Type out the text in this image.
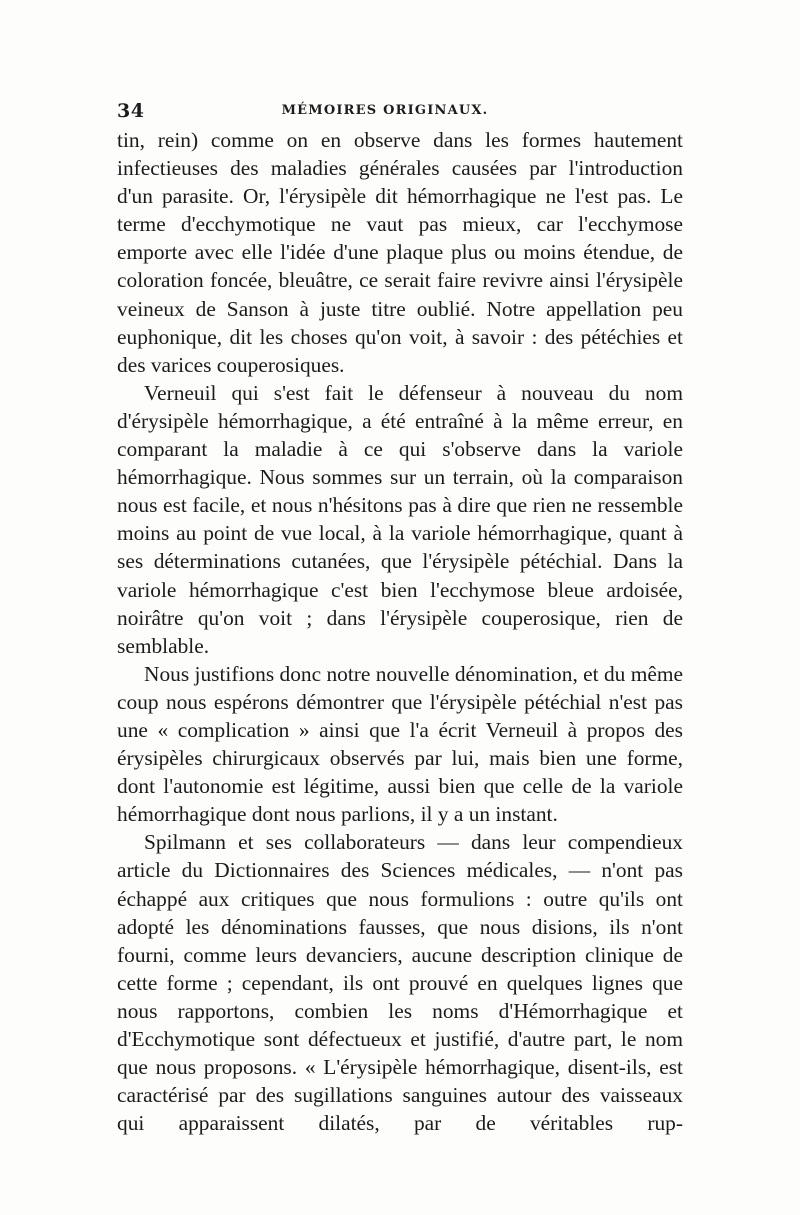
34	MÉMOIRES ORIGINAUX.

tin, rein) comme on en observe dans les formes hautement infectieuses des maladies générales causées par l'introduction d'un parasite. Or, l'érysipèle dit hémorrhagique ne l'est pas. Le terme d'ecchymotique ne vaut pas mieux, car l'ecchymose emporte avec elle l'idée d'une plaque plus ou moins étendue, de coloration foncée, bleuâtre, ce serait faire revivre ainsi l'érysipèle veineux de Sanson à juste titre oublié. Notre appellation peu euphonique, dit les choses qu'on voit, à savoir : des pétéchies et des varices couperosiques.

Verneuil qui s'est fait le défenseur à nouveau du nom d'érysipèle hémorrhagique, a été entraîné à la même erreur, en comparant la maladie à ce qui s'observe dans la variole hémorrhagique. Nous sommes sur un terrain, où la comparaison nous est facile, et nous n'hésitons pas à dire que rien ne ressemble moins au point de vue local, à la variole hémorrhagique, quant à ses déterminations cutanées, que l'érysipèle pétéchial. Dans la variole hémorrhagique c'est bien l'ecchymose bleue ardoisée, noirâtre qu'on voit ; dans l'érysipèle couperosique, rien de semblable.

Nous justifions donc notre nouvelle dénomination, et du même coup nous espérons démontrer que l'érysipèle pétéchial n'est pas une « complication » ainsi que l'a écrit Verneuil à propos des érysipèles chirurgicaux observés par lui, mais bien une forme, dont l'autonomie est légitime, aussi bien que celle de la variole hémorrhagique dont nous parlions, il y a un instant.

Spilmann et ses collaborateurs — dans leur compendieux article du Dictionnaires des Sciences médicales, — n'ont pas échappé aux critiques que nous formulions : outre qu'ils ont adopté les dénominations fausses, que nous disions, ils n'ont fourni, comme leurs devanciers, aucune description clinique de cette forme ; cependant, ils ont prouvé en quelques lignes que nous rapportons, combien les noms d'Hémorrhagique et d'Ecchymotique sont défectueux et justifié, d'autre part, le nom que nous proposons. « L'érysipèle hémorrhagique, disent-ils, est caractérisé par des sugillations sanguines autour des vaisseaux qui apparaissent dilatés, par de véritables rup-
